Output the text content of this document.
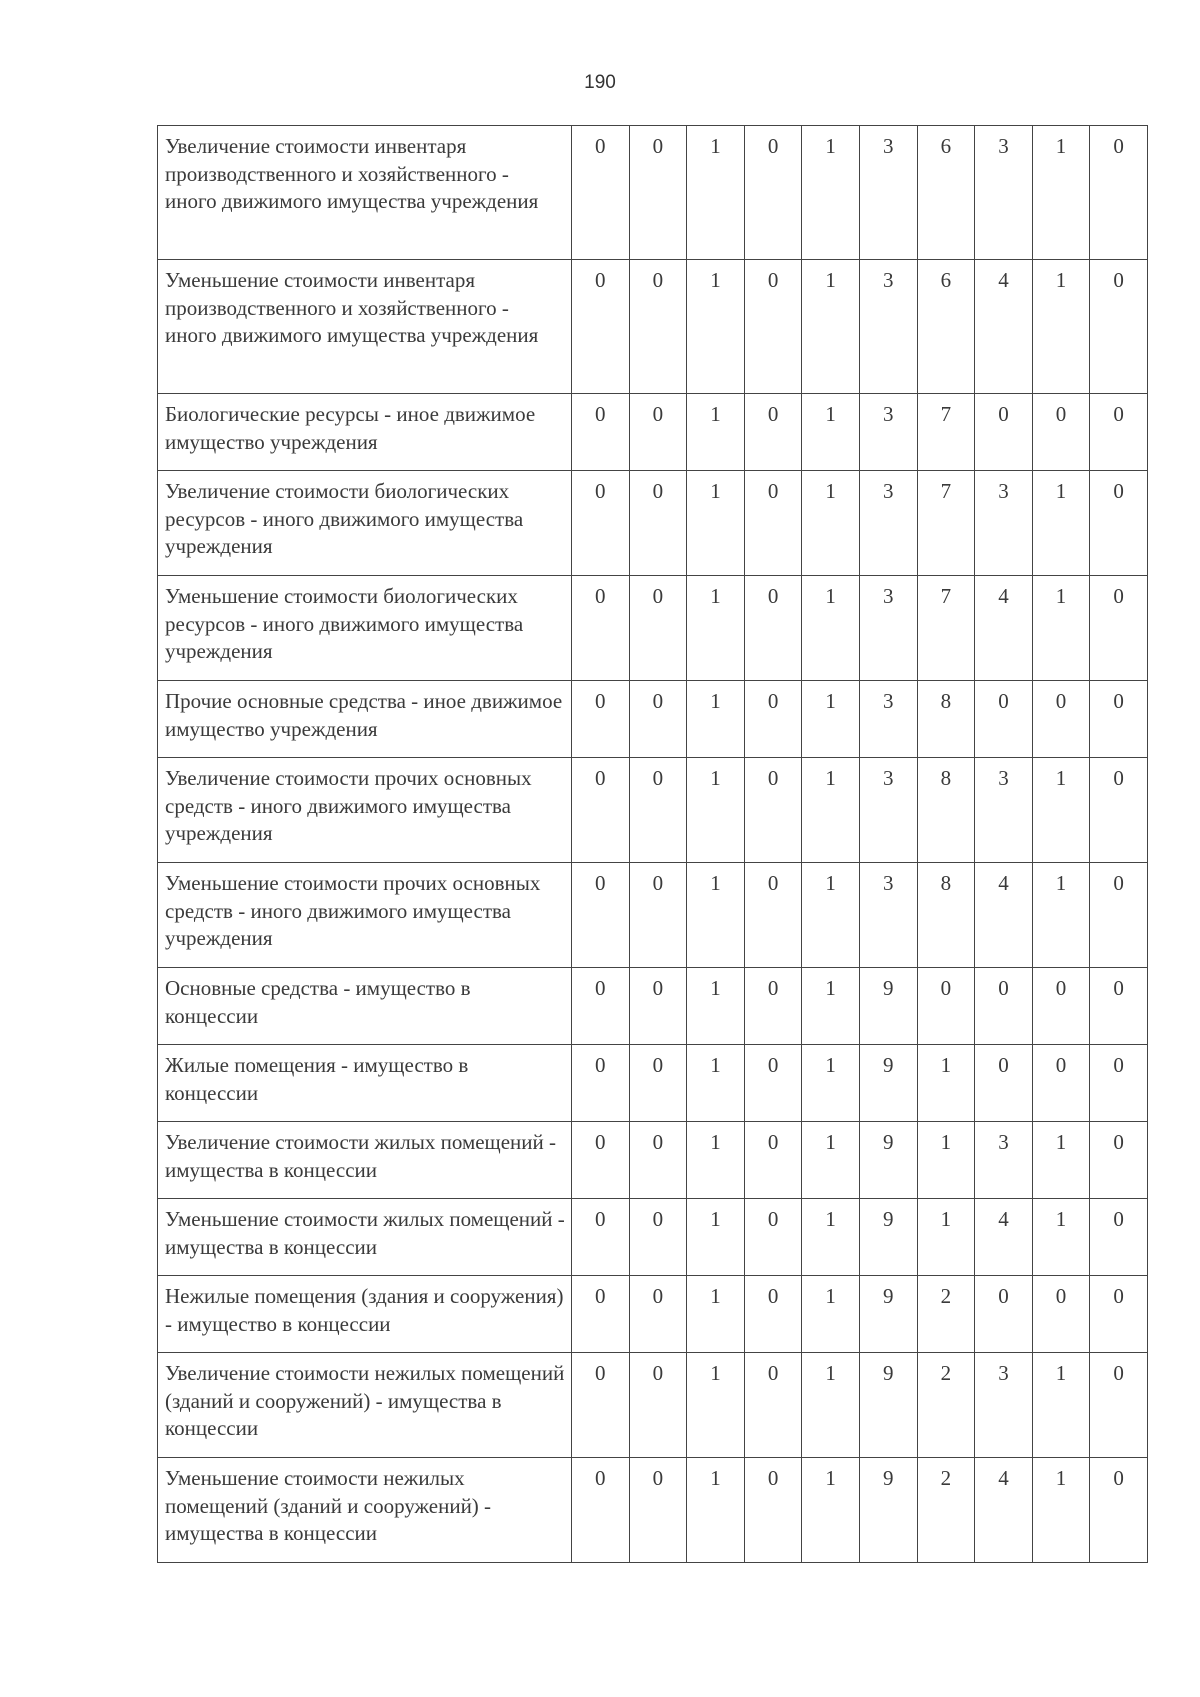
190
Увеличение стоимости инвентаря производственного и хозяйственного - иного движимого имущества учреждения	0	0	1	0	1	3	6	3	1	0
Уменьшение стоимости инвентаря производственного и хозяйственного - иного движимого имущества учреждения	0	0	1	0	1	3	6	4	1	0
Биологические ресурсы - иное движимое имущество учреждения	0	0	1	0	1	3	7	0	0	0
Увеличение стоимости биологических ресурсов - иного движимого имущества учреждения	0	0	1	0	1	3	7	3	1	0
Уменьшение стоимости биологических ресурсов - иного движимого имущества учреждения	0	0	1	0	1	3	7	4	1	0
Прочие основные средства - иное движимое имущество учреждения	0	0	1	0	1	3	8	0	0	0
Увеличение стоимости прочих основных средств - иного движимого имущества учреждения	0	0	1	0	1	3	8	3	1	0
Уменьшение стоимости прочих основных средств - иного движимого имущества учреждения	0	0	1	0	1	3	8	4	1	0
Основные средства - имущество в концессии	0	0	1	0	1	9	0	0	0	0
Жилые помещения - имущество в концессии	0	0	1	0	1	9	1	0	0	0
Увеличение стоимости жилых помещений - имущества в концессии	0	0	1	0	1	9	1	3	1	0
Уменьшение стоимости жилых помещений - имущества в концессии	0	0	1	0	1	9	1	4	1	0
Нежилые помещения (здания и сооружения) - имущество в концессии	0	0	1	0	1	9	2	0	0	0
Увеличение стоимости нежилых помещений (зданий и сооружений) - имущества в концессии	0	0	1	0	1	9	2	3	1	0
Уменьшение стоимости нежилых помещений (зданий и сооружений) - имущества в концессии	0	0	1	0	1	9	2	4	1	0
